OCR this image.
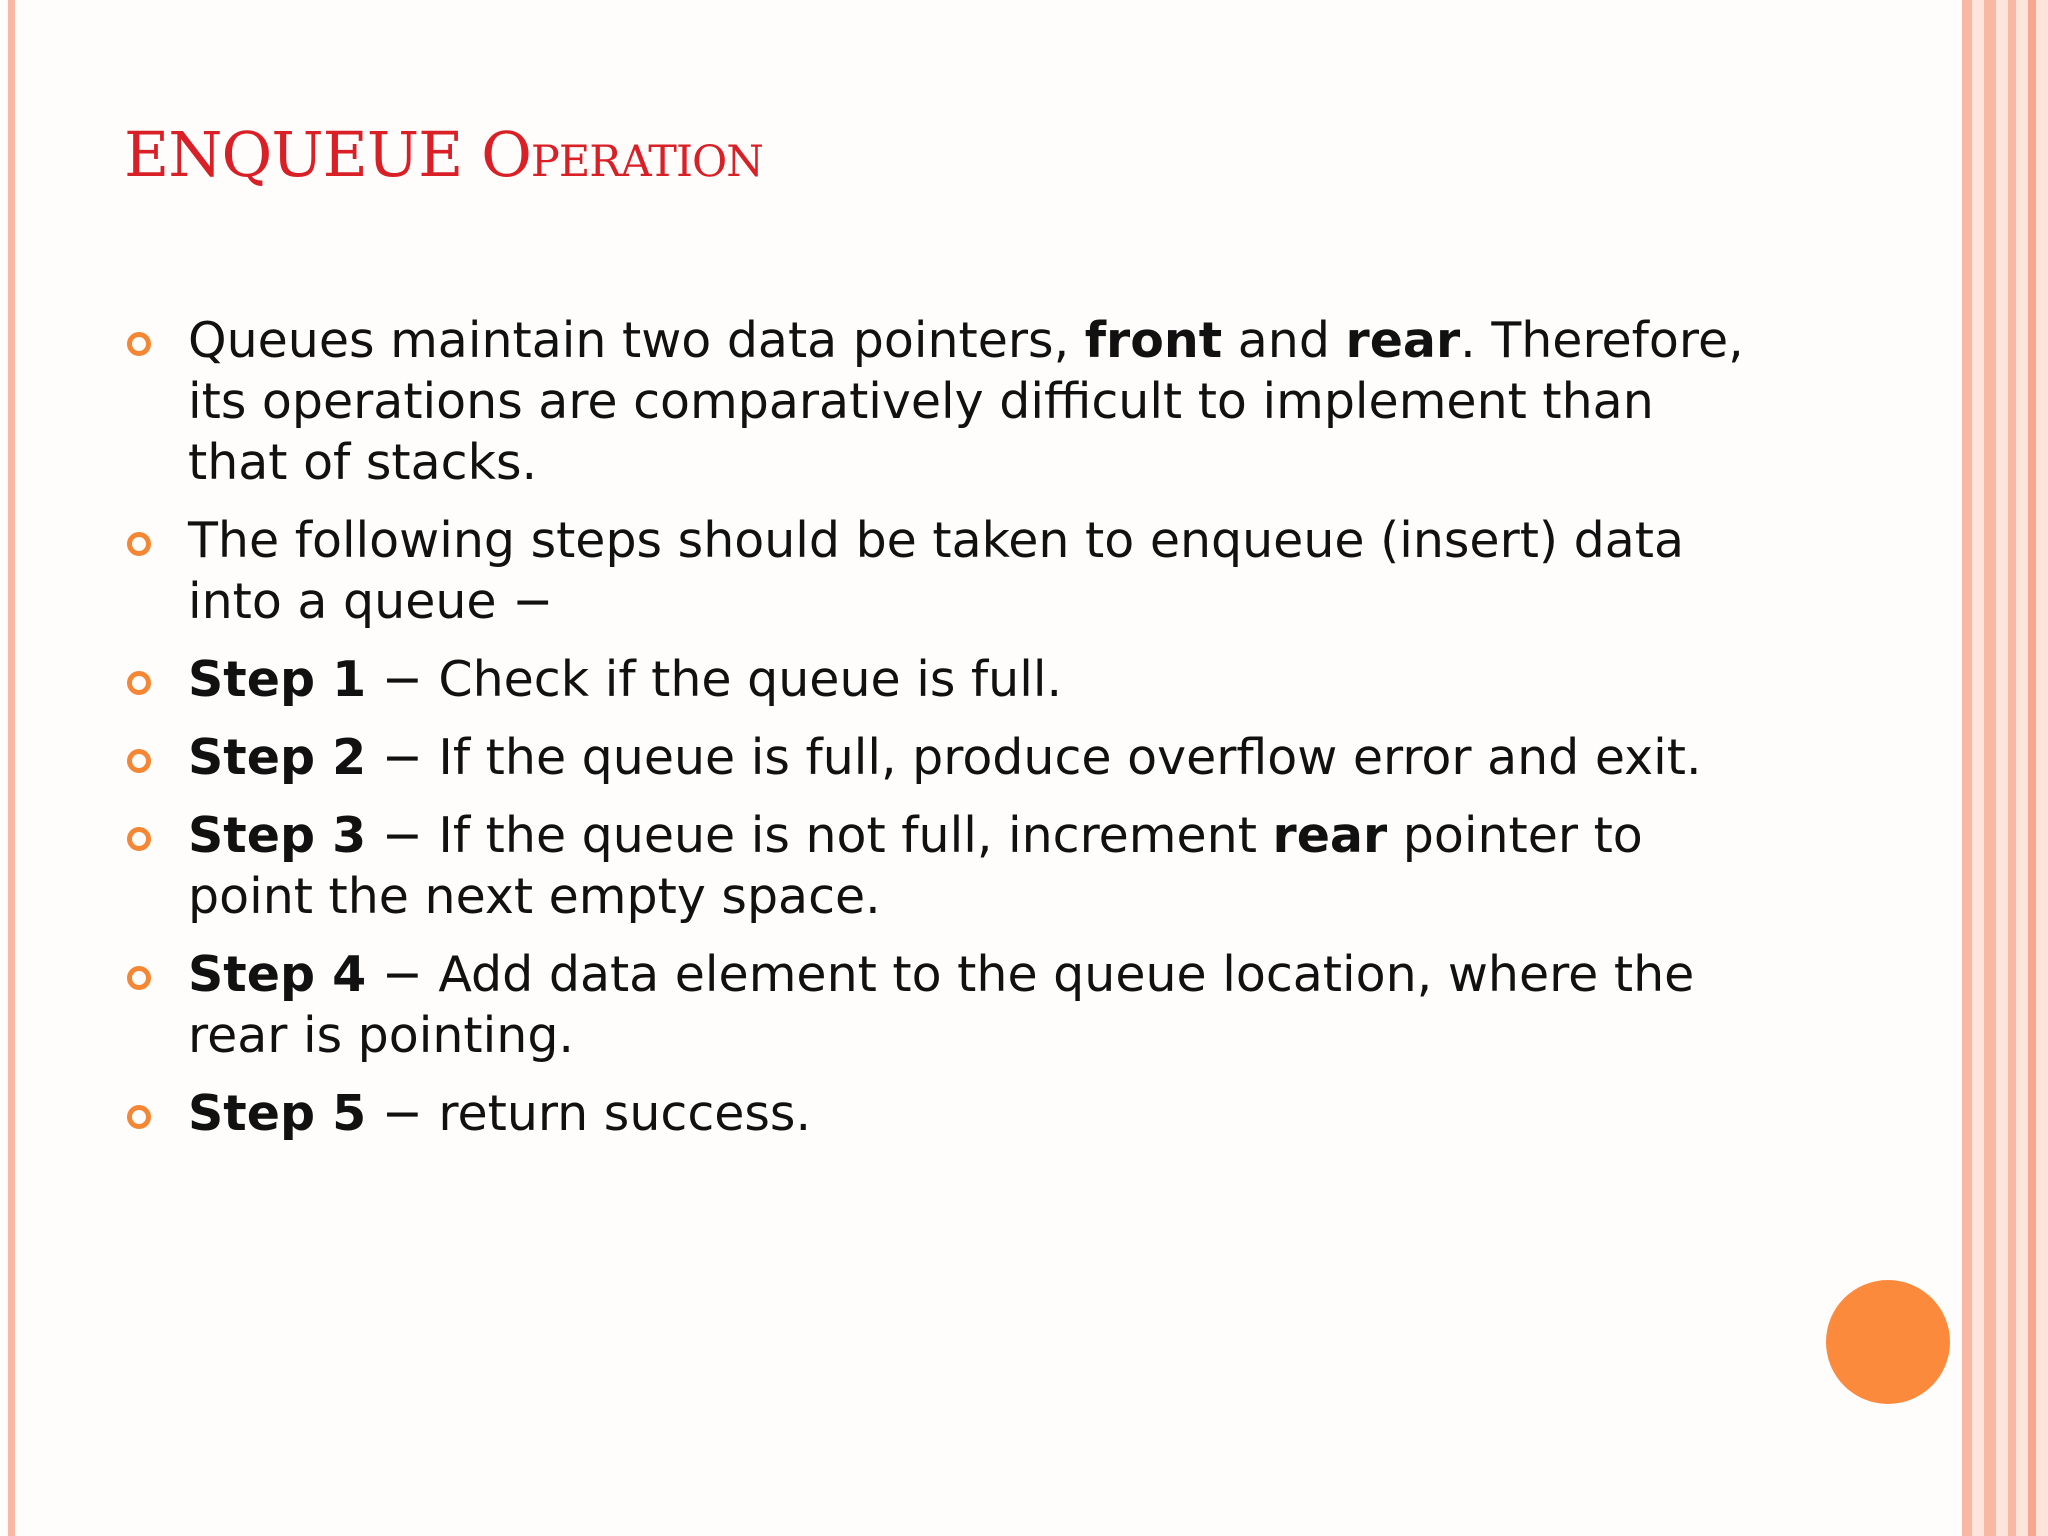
ENQUEUE Operation
Queues maintain two data pointers, front and rear. Therefore, its operations are comparatively difficult to implement than that of stacks.
The following steps should be taken to enqueue (insert) data into a queue −
Step 1 − Check if the queue is full.
Step 2 − If the queue is full, produce overflow error and exit.
Step 3 − If the queue is not full, increment rear pointer to point the next empty space.
Step 4 − Add data element to the queue location, where the rear is pointing.
Step 5 − return success.
